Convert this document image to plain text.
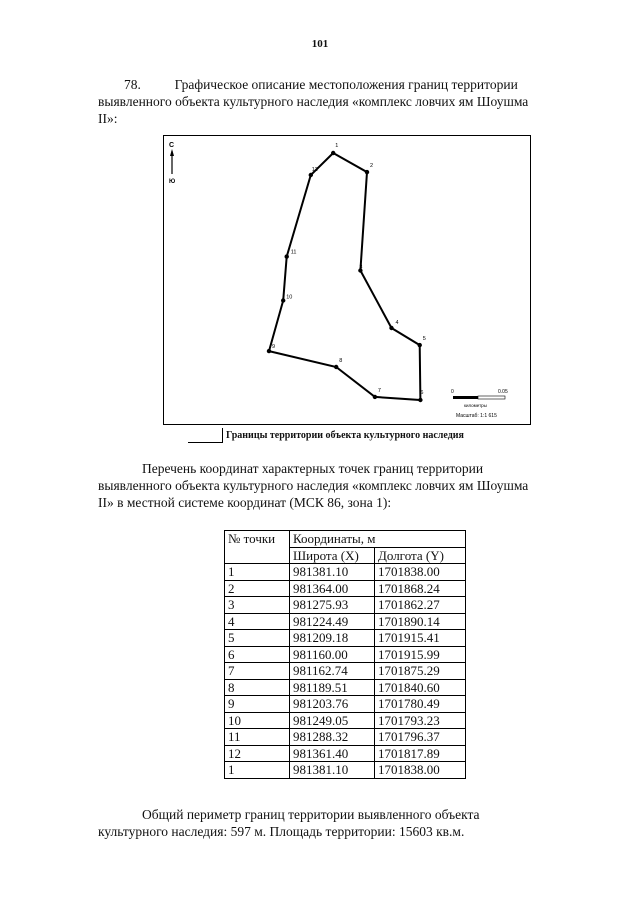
101
78.	Графическое описание местоположения границ территории
выявленного объекта культурного наследия «комплекс ловчих ям Шоушма
II»:
С
Ю
1
2
3
4
5
6
7
8
9
10
11
12
0	0.05
километры
Масштаб: 1:1 615
Границы территории объекта культурного наследия
Перечень координат характерных точек границ территории
выявленного объекта культурного наследия «комплекс ловчих ям Шоушма
II» в местной системе координат (МСК 86, зона 1):
№ точки	Координаты, м	
	Широта (X)	Долгота (Y)
1	981381.10	1701838.00
2	981364.00	1701868.24
3	981275.93	1701862.27
4	981224.49	1701890.14
5	981209.18	1701915.41
6	981160.00	1701915.99
7	981162.74	1701875.29
8	981189.51	1701840.60
9	981203.76	1701780.49
10	981249.05	1701793.23
11	981288.32	1701796.37
12	981361.40	1701817.89
1	981381.10	1701838.00
Общий периметр границ территории выявленного объекта
культурного наследия: 597 м. Площадь территории: 15603 кв.м.
